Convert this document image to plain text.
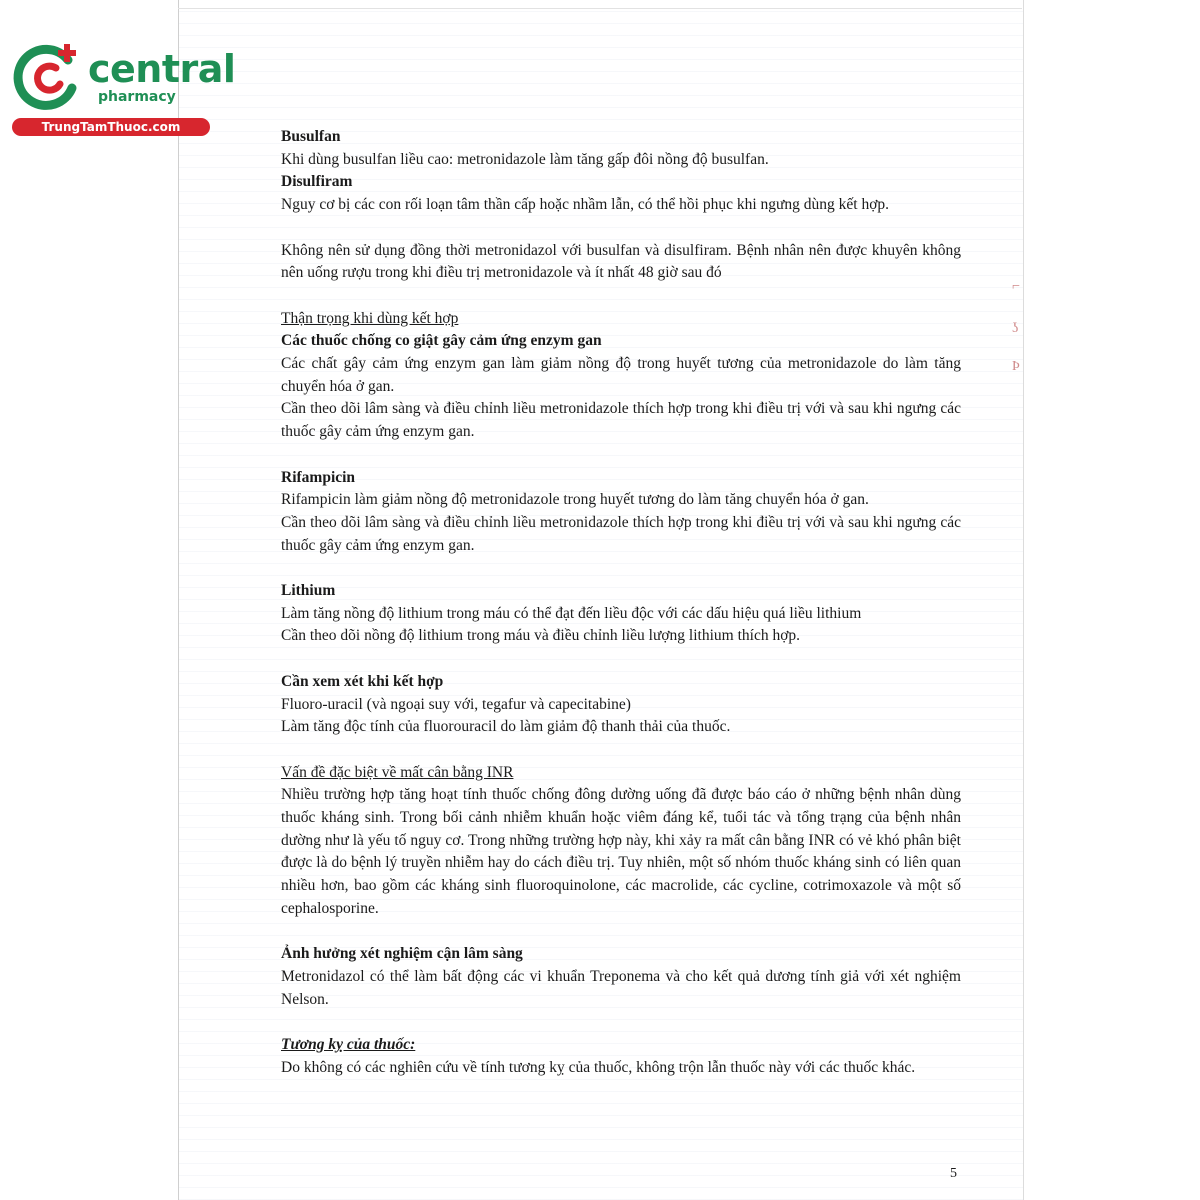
central
pharmacy
TrungTamThuoc.com
⌐
ʖ
Þ

Busulfan

Khi dùng busulfan liều cao: metronidazole làm tăng gấp đôi nồng độ busulfan.

Disulfiram

Nguy cơ bị các con rối loạn tâm thần cấp hoặc nhầm lẫn, có thể hồi phục khi ngưng dùng kết hợp.

Không nên sử dụng đồng thời metronidazol với busulfan và disulfiram. Bệnh nhân nên được khuyên không nên uống rượu trong khi điều trị metronidazole và ít nhất 48 giờ sau đó

Thận trọng khi dùng kết hợp

Các thuốc chống co giật gây cảm ứng enzym gan

Các chất gây cảm ứng enzym gan làm giảm nồng độ trong huyết tương của metronidazole do làm tăng chuyển hóa ở gan.

Cần theo dõi lâm sàng và điều chỉnh liều metronidazole thích hợp trong khi điều trị với và sau khi ngưng các thuốc gây cảm ứng enzym gan.

Rifampicin

Rifampicin làm giảm nồng độ metronidazole trong huyết tương do làm tăng chuyển hóa ở gan.

Cần theo dõi lâm sàng và điều chỉnh liều metronidazole thích hợp trong khi điều trị với và sau khi ngưng các thuốc gây cảm ứng enzym gan.

Lithium

Làm tăng nồng độ lithium trong máu có thể đạt đến liều độc với các dấu hiệu quá liều lithium

Cần theo dõi nồng độ lithium trong máu và điều chỉnh liều lượng lithium thích hợp.

Cần xem xét khi kết hợp

Fluoro-uracil (và ngoại suy với, tegafur và capecitabine)

Làm tăng độc tính của fluorouracil do làm giảm độ thanh thải của thuốc.

Vấn đề đặc biệt về mất cân bằng INR

Nhiều trường hợp tăng hoạt tính thuốc chống đông dường uống đã được báo cáo ở những bệnh nhân dùng thuốc kháng sinh. Trong bối cảnh nhiễm khuẩn hoặc viêm đáng kể, tuổi tác và tổng trạng của bệnh nhân dường như là yếu tố nguy cơ. Trong những trường hợp này, khi xảy ra mất cân bằng INR có vẻ khó phân biệt được là do bệnh lý truyền nhiễm hay do cách điều trị. Tuy nhiên, một số nhóm thuốc kháng sinh có liên quan nhiều hơn, bao gồm các kháng sinh fluoroquinolone, các macrolide, các cycline, cotrimoxazole và một số cephalosporine.

Ảnh hưởng xét nghiệm cận lâm sàng

Metronidazol có thể làm bất động các vi khuẩn Treponema và cho kết quả dương tính giả với xét nghiệm Nelson.

Tương kỵ của thuốc:

Do không có các nghiên cứu về tính tương kỵ của thuốc, không trộn lẫn thuốc này với các thuốc khác.

5
